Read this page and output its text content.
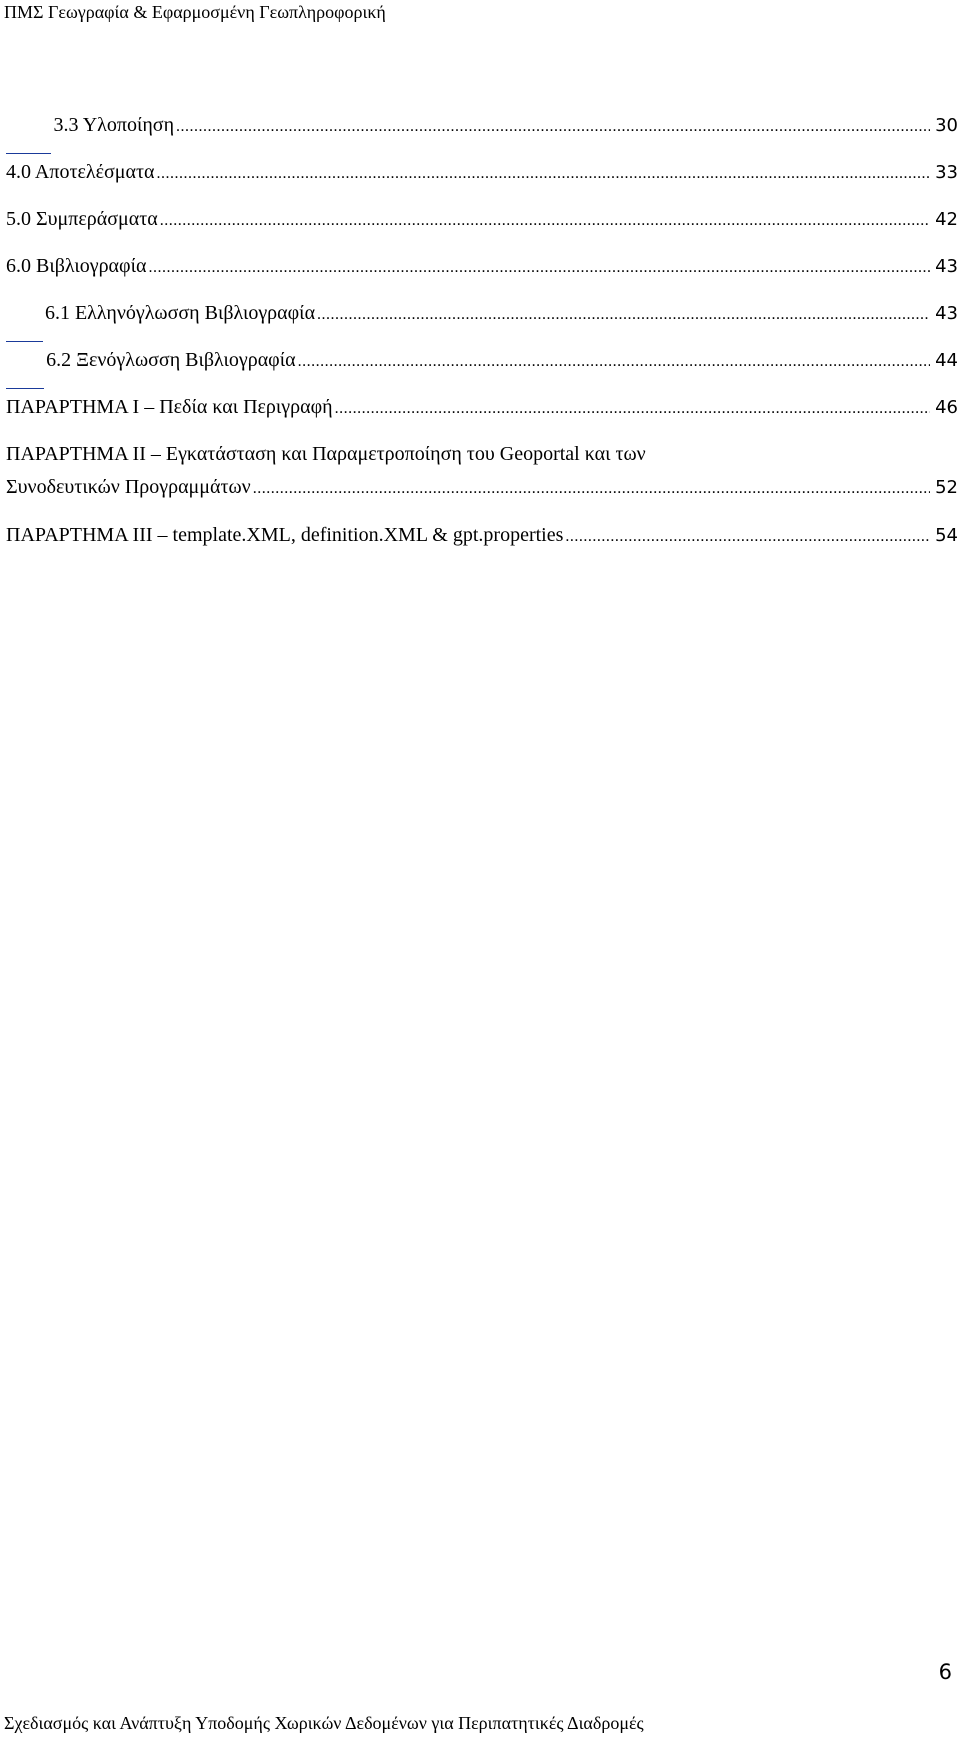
ΠΜΣ Γεωγραφία & Εφαρμοσμένη Γεωπληροφορική
3.3 Υλοποίηση .....	30
4.0 Αποτελέσματα .....	33
5.0 Συμπεράσματα .....	42
6.0 Βιβλιογραφία .....	43
6.1 Ελληνόγλωσση Βιβλιογραφία .....	43
6.2 Ξενόγλωσση Βιβλιογραφία .....	44
ΠΑΡΑΡΤΗΜΑ Ι – Πεδία και Περιγραφή .....	46
ΠΑΡΑΡΤΗΜΑ ΙΙ – Εγκατάσταση και Παραμετροποίηση του Geoportal και των
Συνοδευτικών Προγραμμάτων .....	52
ΠΑΡΑΡΤΗΜΑ ΙΙΙ – template.XML, definition.XML & gpt.properties .....	54
6
Σχεδιασμός και Ανάπτυξη Υποδομής Χωρικών Δεδομένων για Περιπατητικές Διαδρομές
